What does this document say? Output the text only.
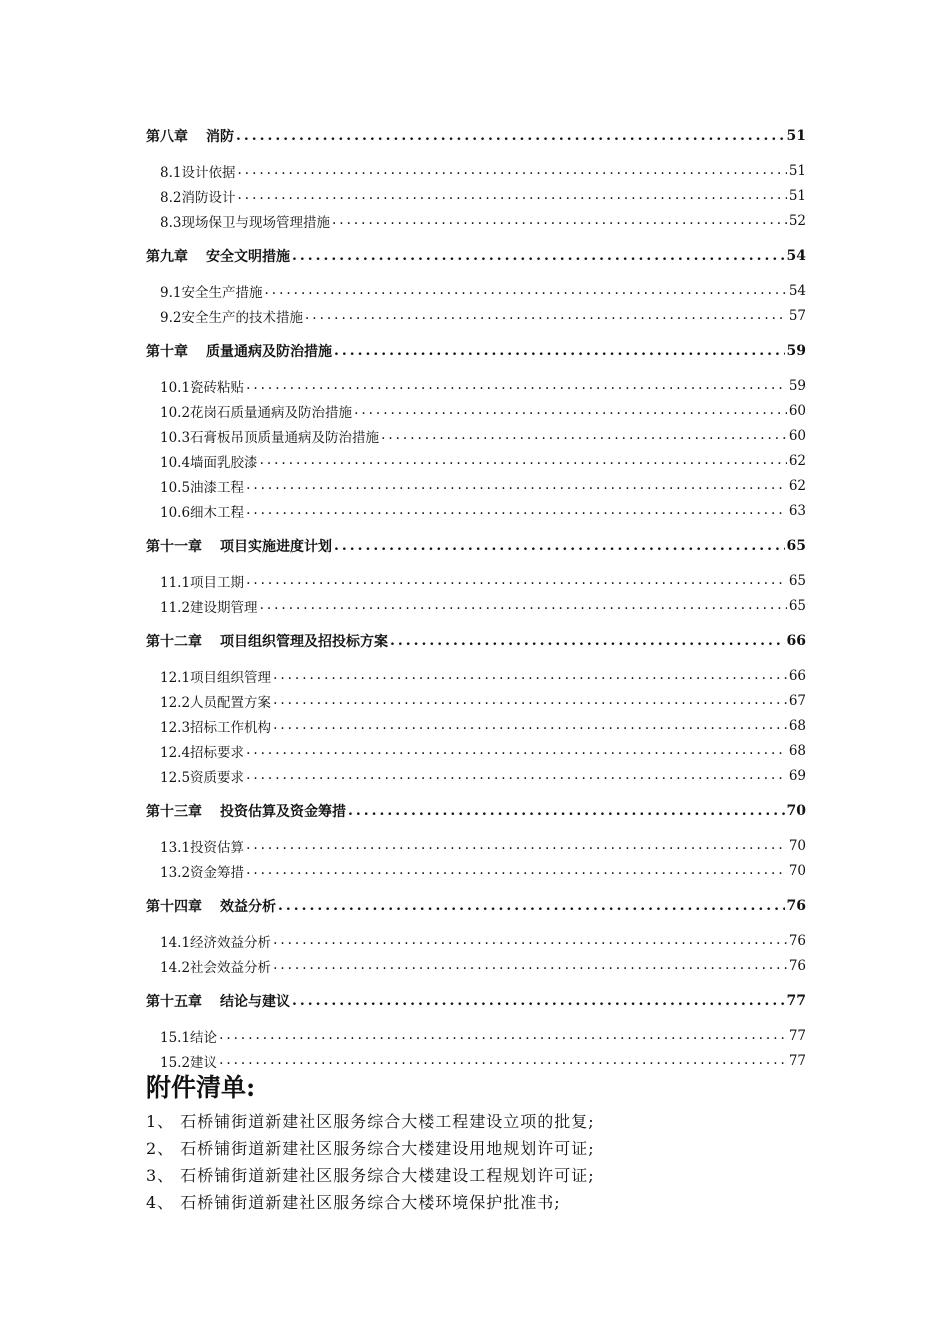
第八章 消防 .....	51
8.1设计依据 .....	51
8.2消防设计 .....	51
8.3现场保卫与现场管理措施 .....	52
第九章 安全文明措施 .....	54
9.1安全生产措施 .....	54
9.2安全生产的技术措施 .....	57
第十章 质量通病及防治措施 .....	59
10.1瓷砖粘贴 .....	59
10.2花岗石质量通病及防治措施 .....	60
10.3石膏板吊顶质量通病及防治措施 .....	60
10.4墙面乳胶漆 .....	62
10.5油漆工程 .....	62
10.6细木工程 .....	63
第十一章 项目实施进度计划 .....	65
11.1项目工期 .....	65
11.2建设期管理 .....	65
第十二章 项目组织管理及招投标方案 .....	66
12.1项目组织管理 .....	66
12.2人员配置方案 .....	67
12.3招标工作机构 .....	68
12.4招标要求 .....	68
12.5资质要求 .....	69
第十三章 投资估算及资金筹措 .....	70
13.1投资估算 .....	70
13.2资金筹措 .....	70
第十四章 效益分析 .....	76
14.1经济效益分析 .....	76
14.2社会效益分析 .....	76
第十五章 结论与建议 .....	77
15.1结论 .....	77
15.2建议 .....	77
附件清单:
1、 石桥铺街道新建社区服务综合大楼工程建设立项的批复;
2、 石桥铺街道新建社区服务综合大楼建设用地规划许可证;
3、 石桥铺街道新建社区服务综合大楼建设工程规划许可证;
4、 石桥铺街道新建社区服务综合大楼环境保护批准书;
